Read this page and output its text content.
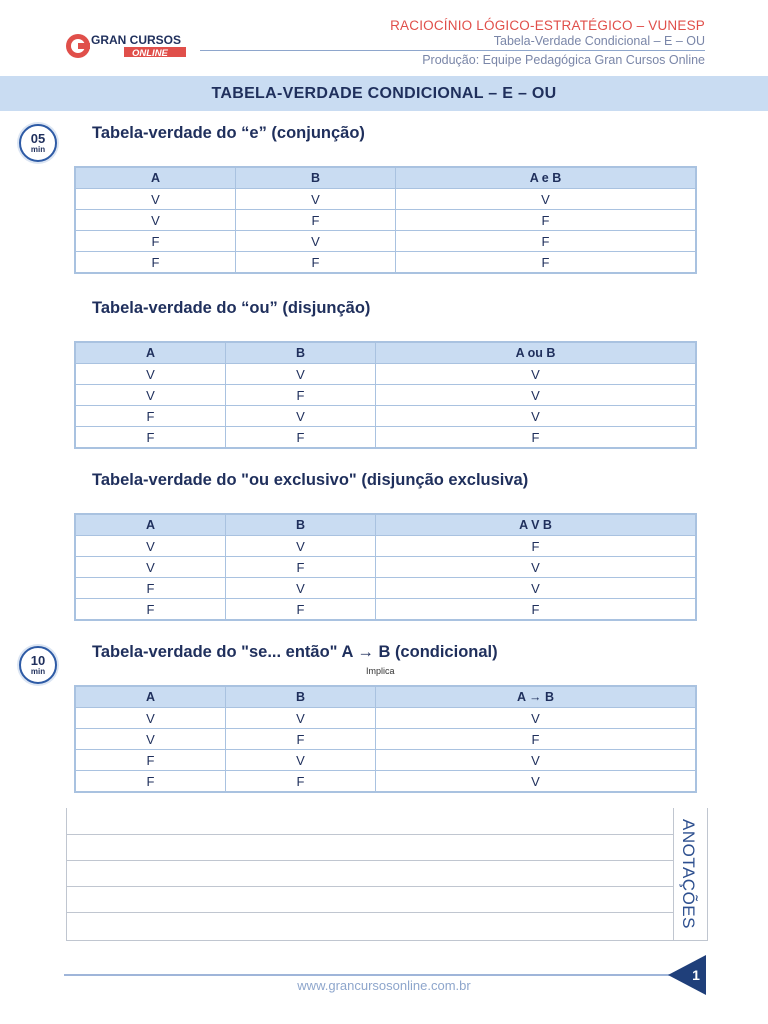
GRAN CURSOS
ONLINE
RACIOCÍNIO LÓGICO-ESTRATÉGICO – VUNESP
Tabela-Verdade Condicional – E – OU
Produção: Equipe Pedagógica Gran Cursos Online
TABELA-VERDADE CONDICIONAL – E – OU
05
min
Tabela-verdade do “e” (conjunção)
A	B	A e B
V	V	V
V	F	F
F	V	F
F	F	F
Tabela-verdade do “ou” (disjunção)
A	B	A ou B
V	V	V
V	F	V
F	V	V
F	F	F
Tabela-verdade do "ou exclusivo" (disjunção exclusiva)
A	B	A V B
V	V	F
V	F	V
F	V	V
F	F	F
10
min
Tabela-verdade do "se... então" A → B (condicional)
Implica
A	B	A → B
V	V	V
V	F	F
F	V	V
F	F	V
ANOTAÇÕES
www.grancursosonline.com.br
1
